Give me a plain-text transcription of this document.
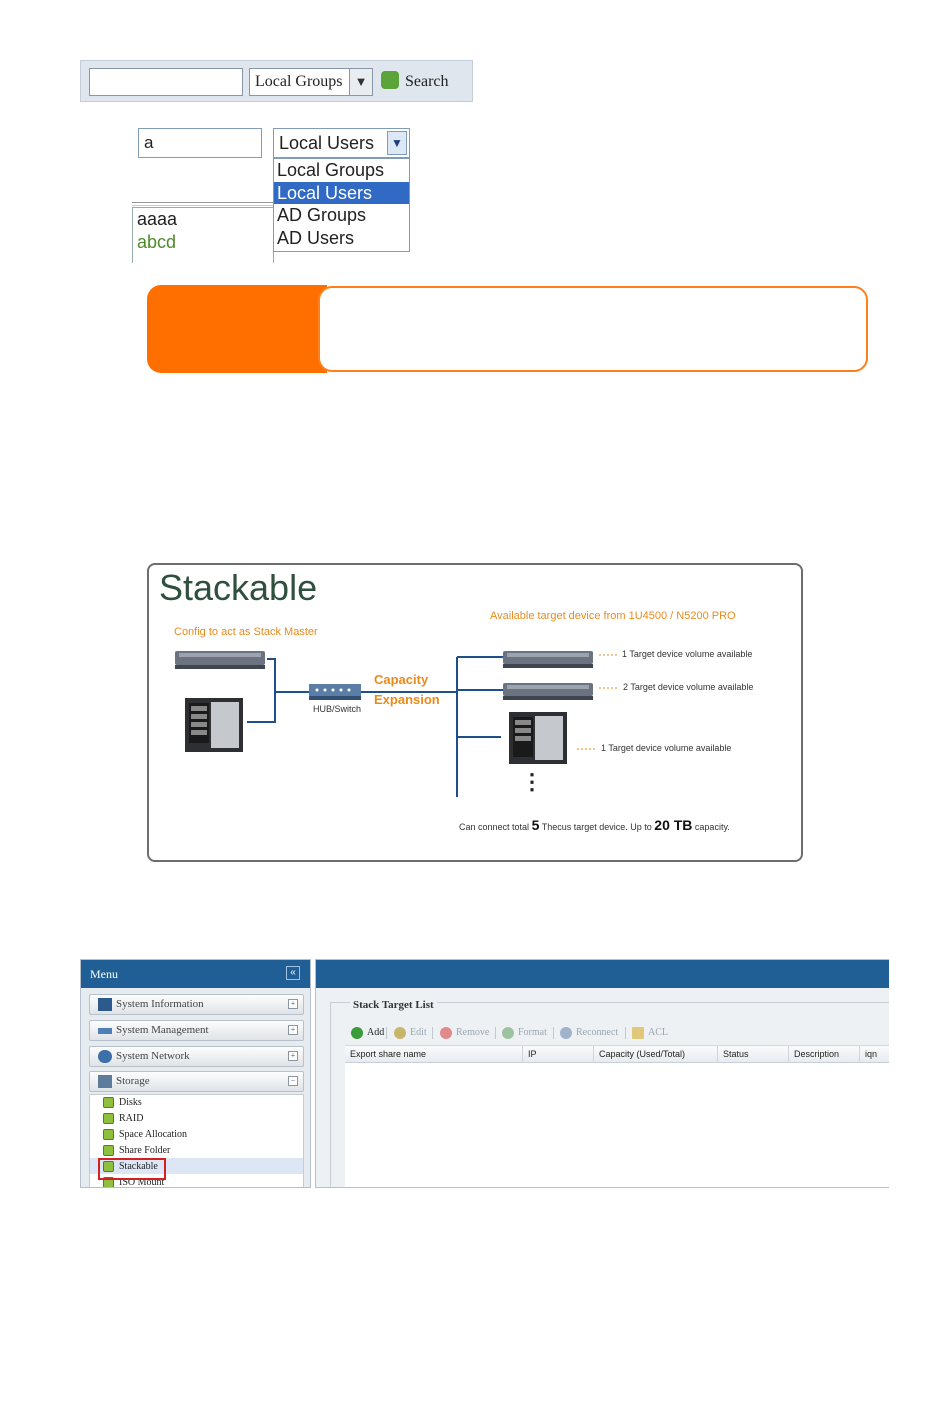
Local Groups ▼	Search
a	Local Users	▼
aaaa
abcd
Local Groups
Local Users
AD Groups
AD Users
Stackable
Config to act as Stack Master
Available target device from 1U4500 / N5200 PRO
HUB/Switch
Capacity
Expansion
1 Target device volume available
2 Target device volume available
1 Target device volume available
⋮
Can connect total 5 Thecus target device. Up to 20 TB capacity.
Menu	«
System Information	+
System Management	+
System Network	+
Storage	−
Disks
RAID
Space Allocation
Share Folder
Stackable
ISO Mount
Stack Target List
Add	Edit	Remove	Format	Reconnect	ACL
Export share name	IP	Capacity (Used/Total)	Status	Description	iqn
